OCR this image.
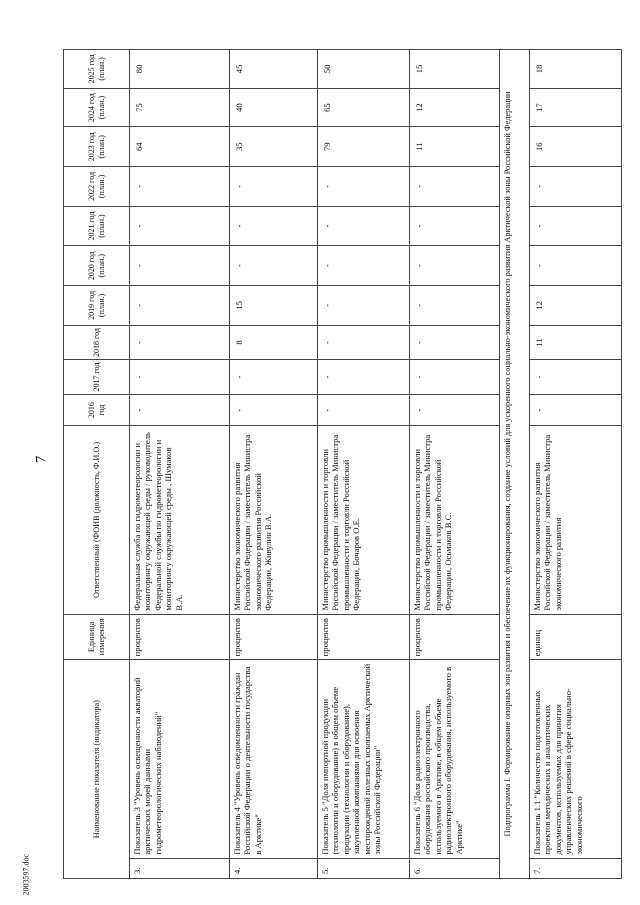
7
2003597.doc
Наименование показателя (индикатора)		Единица измерения	Ответственный (ФОИВ (должность, Ф.И.О.)	2016 год	2017 год	2018 год	2019 год (план.)	2020 год (план.)	2021 год (план.)	2022 год (план.)	2023 год (план.)	2024 год (план.)	2025 год (план.)
3.	Показатель 3 "Уровень освещенности акваторий арктических морей данными гидрометеорологических наблюдений"	процентов	Федеральная служба по гидрометеорологии и мониторингу окружающей среды / руководитель Федеральной службы по гидрометеорологии и мониторингу окружающей среды , Шумаков В.А.	-	-	-	-	-	-	-	64	75	80
4.	Показатель 4 "Уровень осведомленности граждан Российской Федерации о деятельности государства в Арктике"	процентов	Министерство экономического развития Российской Федерации / заместитель Министра экономического развития Российской Федерации, Живулин В.А.	-	-	8	15	-	-	-	35	40	45
5.	Показатель 5 "Доля импортной продукции (технологии и оборудование) в общем объеме продукции (технологии и оборудование), закупленной компаниями для освоения месторождений полезных ископаемых Арктической зоны Российской Федерации"	процентов	Министерство промышленности и торговли Российской Федерации / заместитель Министра промышленности и торговли Российской Федерации, Бочаров О.Е.	-	-	-	-	-	-	-	79	65	50
6.	Показатель 6 "Доля радиоэлектронного оборудования российского производства, используемого в Арктике, в общем объеме радиоэлектронного оборудования, используемого в Арктике"	процентов	Министерство промышленности и торговли Российской Федерации / заместитель Министра промышленности и торговли Российской Федерации, Осьмаков В.С.	-	-	-	-	-	-	-	11	12	15
Подпрограмма I. Формирование опорных зон развития и обеспечение их функционирования, создание условий для ускоренного социально-экономического развития Арктической зоны Российской Федерации													
7.	Показатель 1.1 "Количество подготовленных проектов методических и аналитических документов, используемых для принятия управленческих решений в сфере социально-экономического	единиц	Министерство экономического развития Российской Федерации / заместитель Министра экономического развития	-	-	11	12	-	-	-	16	17	18
